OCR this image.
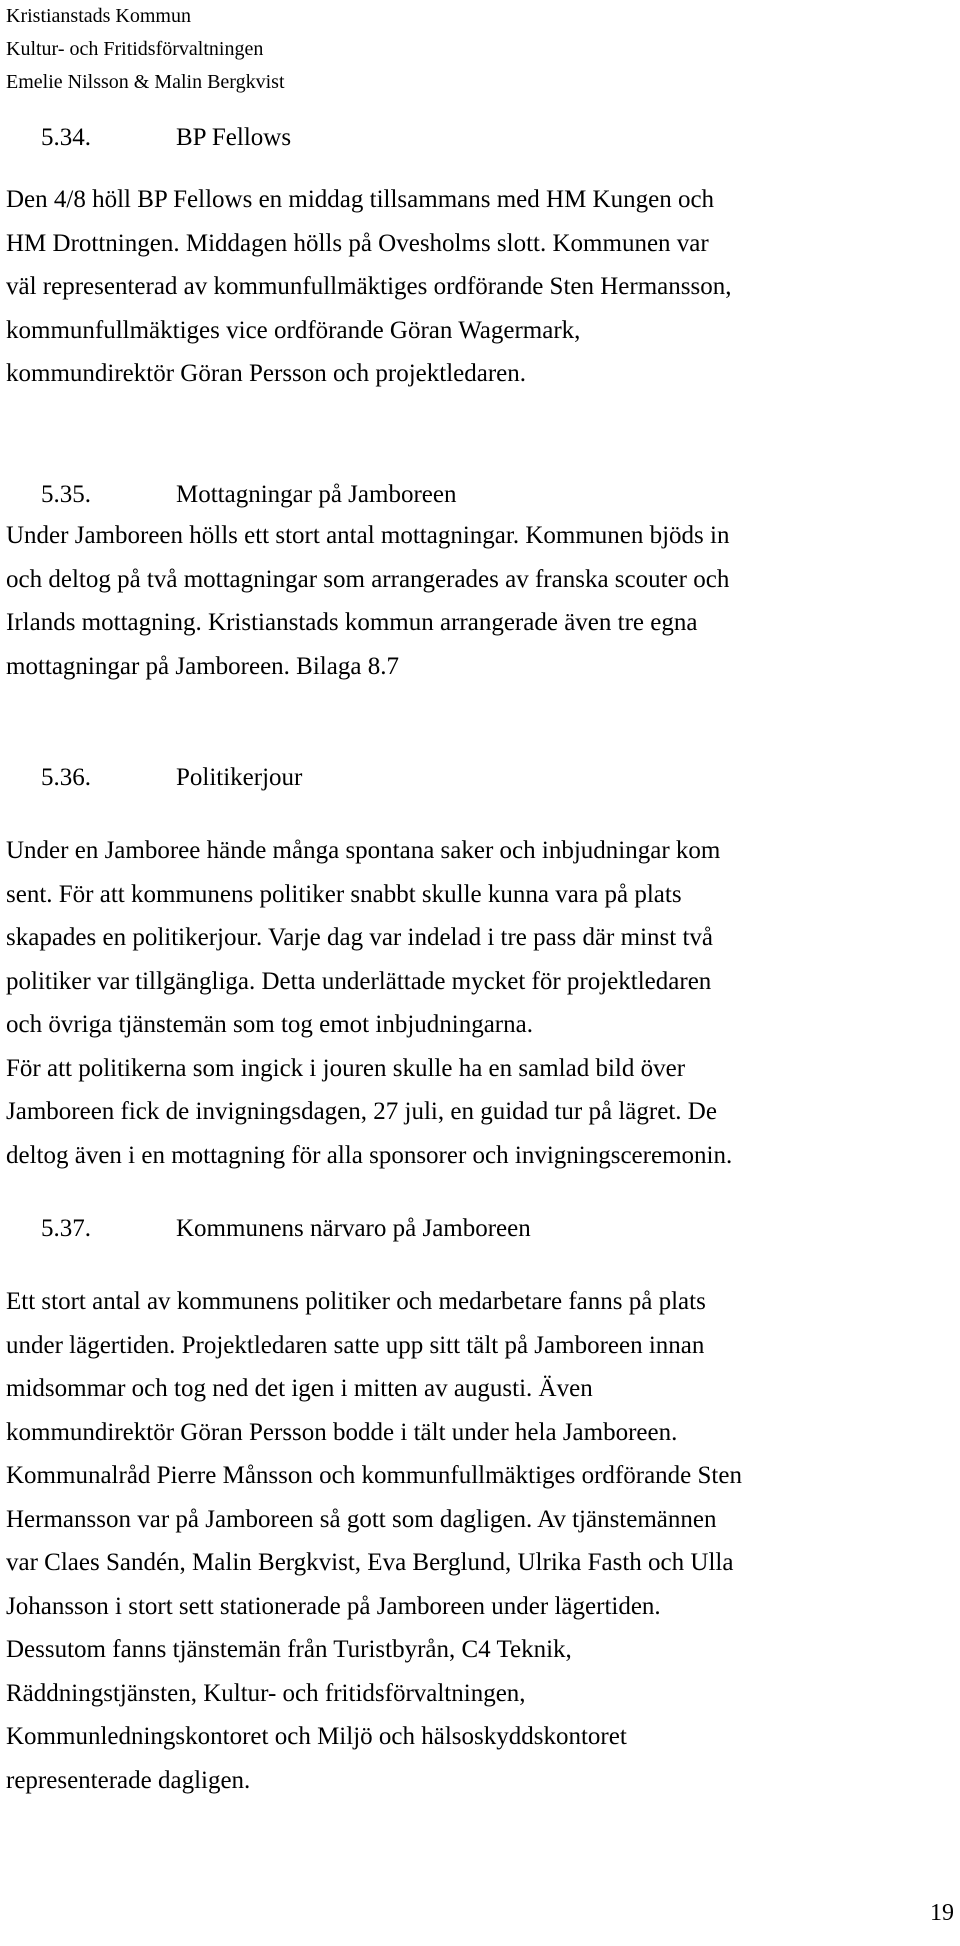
Kristianstads Kommun
Kultur- och Fritidsförvaltningen
Emelie Nilsson & Malin Bergkvist
5.34.	BP Fellows
Den 4/8 höll BP Fellows en middag tillsammans med HM Kungen och
HM Drottningen. Middagen hölls på Ovesholms slott. Kommunen var
väl representerad av kommunfullmäktiges ordförande Sten Hermansson,
kommunfullmäktiges vice ordförande Göran Wagermark,
kommundirektör Göran Persson och projektledaren.
5.35.	Mottagningar på Jamboreen
Under Jamboreen hölls ett stort antal mottagningar. Kommunen bjöds in
och deltog på två mottagningar som arrangerades av franska scouter och
Irlands mottagning. Kristianstads kommun arrangerade även tre egna
mottagningar på Jamboreen. Bilaga 8.7
5.36.	Politikerjour
Under en Jamboree hände många spontana saker och inbjudningar kom
sent. För att kommunens politiker snabbt skulle kunna vara på plats
skapades en politikerjour. Varje dag var indelad i tre pass där minst två
politiker var tillgängliga. Detta underlättade mycket för projektledaren
och övriga tjänstemän som tog emot inbjudningarna.
För att politikerna som ingick i jouren skulle ha en samlad bild över
Jamboreen fick de invigningsdagen, 27 juli, en guidad tur på lägret. De
deltog även i en mottagning för alla sponsorer och invigningsceremonin.
5.37.	Kommunens närvaro på Jamboreen
Ett stort antal av kommunens politiker och medarbetare fanns på plats
under lägertiden. Projektledaren satte upp sitt tält på Jamboreen innan
midsommar och tog ned det igen i mitten av augusti. Även
kommundirektör Göran Persson bodde i tält under hela Jamboreen.
Kommunalråd Pierre Månsson och kommunfullmäktiges ordförande Sten
Hermansson var på Jamboreen så gott som dagligen. Av tjänstemännen
var Claes Sandén, Malin Bergkvist, Eva Berglund, Ulrika Fasth och Ulla
Johansson i stort sett stationerade på Jamboreen under lägertiden.
Dessutom fanns tjänstemän från Turistbyrån, C4 Teknik,
Räddningstjänsten, Kultur- och fritidsförvaltningen,
Kommunledningskontoret och Miljö och hälsoskyddskontoret
representerade dagligen.
19
